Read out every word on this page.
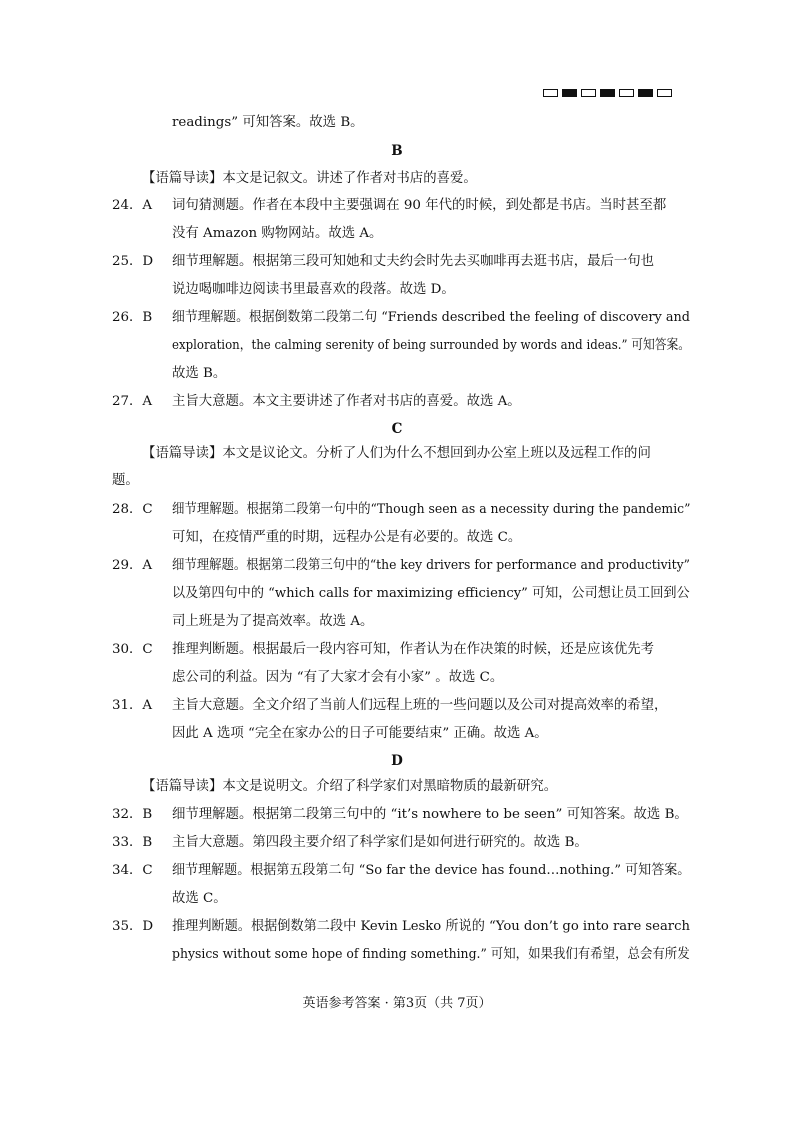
readings” 可知答案。故选 B。
B
【语篇导读】本文是记叙文。讲述了作者对书店的喜爱。
24．A 词句猜测题。作者在本段中主要强调在 90 年代的时候，到处都是书店。当时甚至都
没有 Amazon 购物网站。故选 A。
25．D 细节理解题。根据第三段可知她和丈夫约会时先去买咖啡再去逛书店，最后一句也
说边喝咖啡边阅读书里最喜欢的段落。故选 D。
26．B 细节理解题。根据倒数第二段第二句 “Friends described the feeling of discovery and
exploration，the calming serenity of being surrounded by words and ideas.” 可知答案。
故选 B。
27．A 主旨大意题。本文主要讲述了作者对书店的喜爱。故选 A。
C
【语篇导读】本文是议论文。分析了人们为什么不想回到办公室上班以及远程工作的问
题。
28．C 细节理解题。根据第二段第一句中的“Though seen as a necessity during the pandemic”
可知，在疫情严重的时期，远程办公是有必要的。故选 C。
29．A 细节理解题。根据第二段第三句中的“the key drivers for performance and productivity”
以及第四句中的 “which calls for maximizing efficiency” 可知，公司想让员工回到公
司上班是为了提高效率。故选 A。
30．C 推理判断题。根据最后一段内容可知，作者认为在作决策的时候，还是应该优先考
虑公司的利益。因为 “有了大家才会有小家” 。故选 C。
31．A 主旨大意题。全文介绍了当前人们远程上班的一些问题以及公司对提高效率的希望，
因此 A 选项 “完全在家办公的日子可能要结束” 正确。故选 A。
D
【语篇导读】本文是说明文。介绍了科学家们对黑暗物质的最新研究。
32．B 细节理解题。根据第二段第三句中的 “it’s nowhere to be seen” 可知答案。故选 B。
33．B 主旨大意题。第四段主要介绍了科学家们是如何进行研究的。故选 B。
34．C 细节理解题。根据第五段第二句 “So far the device has found…nothing.” 可知答案。
故选 C。
35．D 推理判断题。根据倒数第二段中 Kevin Lesko 所说的 “You don’t go into rare search
physics without some hope of finding something.” 可知，如果我们有希望，总会有所发
英语参考答案 · 第3页（共 7页）
